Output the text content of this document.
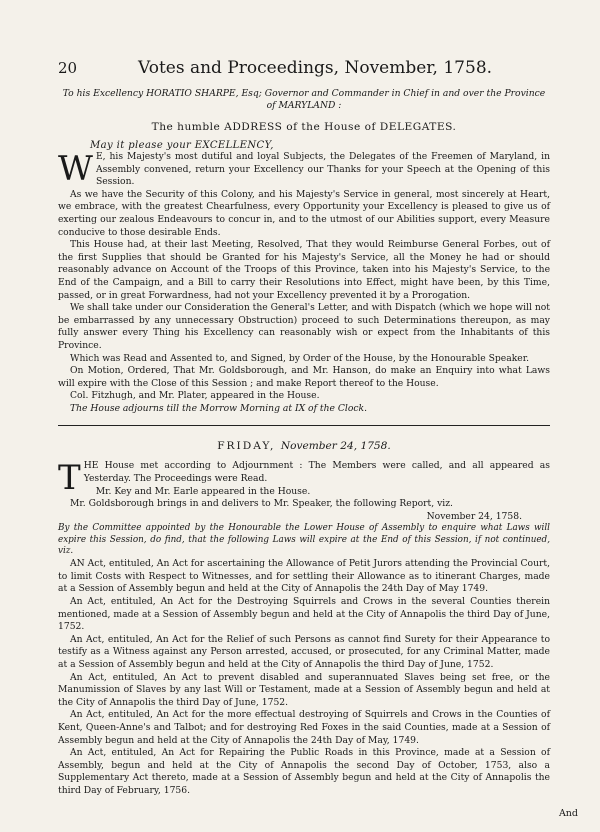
20	Votes and Proceedings, November, 1758.
To his Excellency HORATIO SHARPE, Esq; Governor and Commander in Chief in and over the Province of MARYLAND :
The humble ADDRESS of the House of DELEGATES.
May it please your EXCELLENCY,

W E, his Majesty's most dutiful and loyal Subjects, the Delegates of the Freemen of Maryland, in Assembly convened, return your Excellency our Thanks for your Speech at the Opening of this Session.

As we have the Security of this Colony, and his Majesty's Service in general, most sincerely at Heart, we embrace, with the greatest Chearfulness, every Opportunity your Excellency is pleased to give us of exerting our zealous Endeavours to concur in, and to the utmost of our Abilities support, every Measure conducive to those desirable Ends.

This House had, at their last Meeting, Resolved, That they would Reimburse General Forbes, out of the first Supplies that should be Granted for his Majesty's Service, all the Money he had or should reasonably advance on Account of the Troops of this Province, taken into his Majesty's Service, to the End of the Campaign, and a Bill to carry their Resolutions into Effect, might have been, by this Time, passed, or in great Forwardness, had not your Excellency prevented it by a Prorogation.

We shall take under our Consideration the General's Letter, and with Dispatch (which we hope will not be embarrassed by any unnecessary Obstruction) proceed to such Determinations thereupon, as may fully answer every Thing his Excellency can reasonably wish or expect from the Inhabitants of this Province.

Which was Read and Assented to, and Signed, by Order of the House, by the Honourable Speaker.

On Motion, Ordered, That Mr. Goldsborough, and Mr. Hanson, do make an Enquiry into what Laws will expire with the Close of this Session ; and make Report thereof to the House.

Col. Fitzhugh, and Mr. Plater, appeared in the House.

The House adjourns till the Morrow Morning at IX of the Clock.
FRIDAY, November 24, 1758.

T HE House met according to Adjournment : The Members were called, and all appeared as Yesterday. The Proceedings were Read.

Mr. Key and Mr. Earle appeared in the House.

Mr. Goldsborough brings in and delivers to Mr. Speaker, the following Report, viz.

November 24, 1758.

By the Committee appointed by the Honourable the Lower House of Assembly to enquire what Laws will expire this Session, do find, that the following Laws will expire at the End of this Session, if not continued, viz.

AN Act, entituled, An Act for ascertaining the Allowance of Petit Jurors attending the Provincial Court, to limit Costs with Respect to Witnesses, and for settling their Allowance as to itinerant Charges, made at a Session of Assembly begun and held at the City of Annapolis the 24th Day of May 1749.

An Act, entituled, An Act for the Destroying Squirrels and Crows in the several Counties therein mentioned, made at a Session of Assembly begun and held at the City of Annapolis the third Day of June, 1752.

An Act, entituled, An Act for the Relief of such Persons as cannot find Surety for their Appearance to testify as a Witness against any Person arrested, accused, or prosecuted, for any Criminal Matter, made at a Session of Assembly begun and held at the City of Annapolis the third Day of June, 1752.

An Act, entituled, An Act to prevent disabled and superannuated Slaves being set free, or the Manumission of Slaves by any last Will or Testament, made at a Session of Assembly begun and held at the City of Annapolis the third Day of June, 1752.

An Act, entituled, An Act for the more effectual destroying of Squirrels and Crows in the Counties of Kent, Queen-Anne's and Talbot; and for destroying Red Foxes in the said Counties, made at a Session of Assembly begun and held at the City of Annapolis the 24th Day of May, 1749.

An Act, entituled, An Act for Repairing the Public Roads in this Province, made at a Session of Assembly, begun and held at the City of Annapolis the second Day of October, 1753, also a Supplementary Act thereto, made at a Session of Assembly begun and held at the City of Annapolis the third Day of February, 1756.

And
